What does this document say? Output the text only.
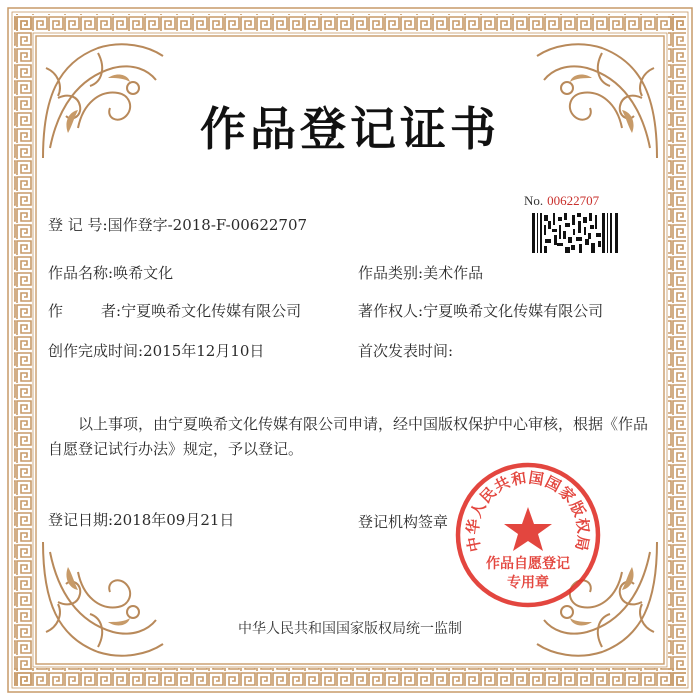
作品登记证书
No. 00622707
登 记 号:国作登字-2018-F-00622707
作品名称:唤希文化	作品类别:美术作品
作	者:宁夏唤希文化传媒有限公司	著作权人:宁夏唤希文化传媒有限公司
创作完成时间:2015年12月10日	首次发表时间:
以上事项，由宁夏唤希文化传媒有限公司申请，经中国版权保护中心审核，根据《作品自愿登记试行办法》规定，予以登记。
登记日期:2018年09月21日	登记机构签章
中华人民共和国国家版权局
作品自愿登记
专用章
中华人民共和国国家版权局统一监制
